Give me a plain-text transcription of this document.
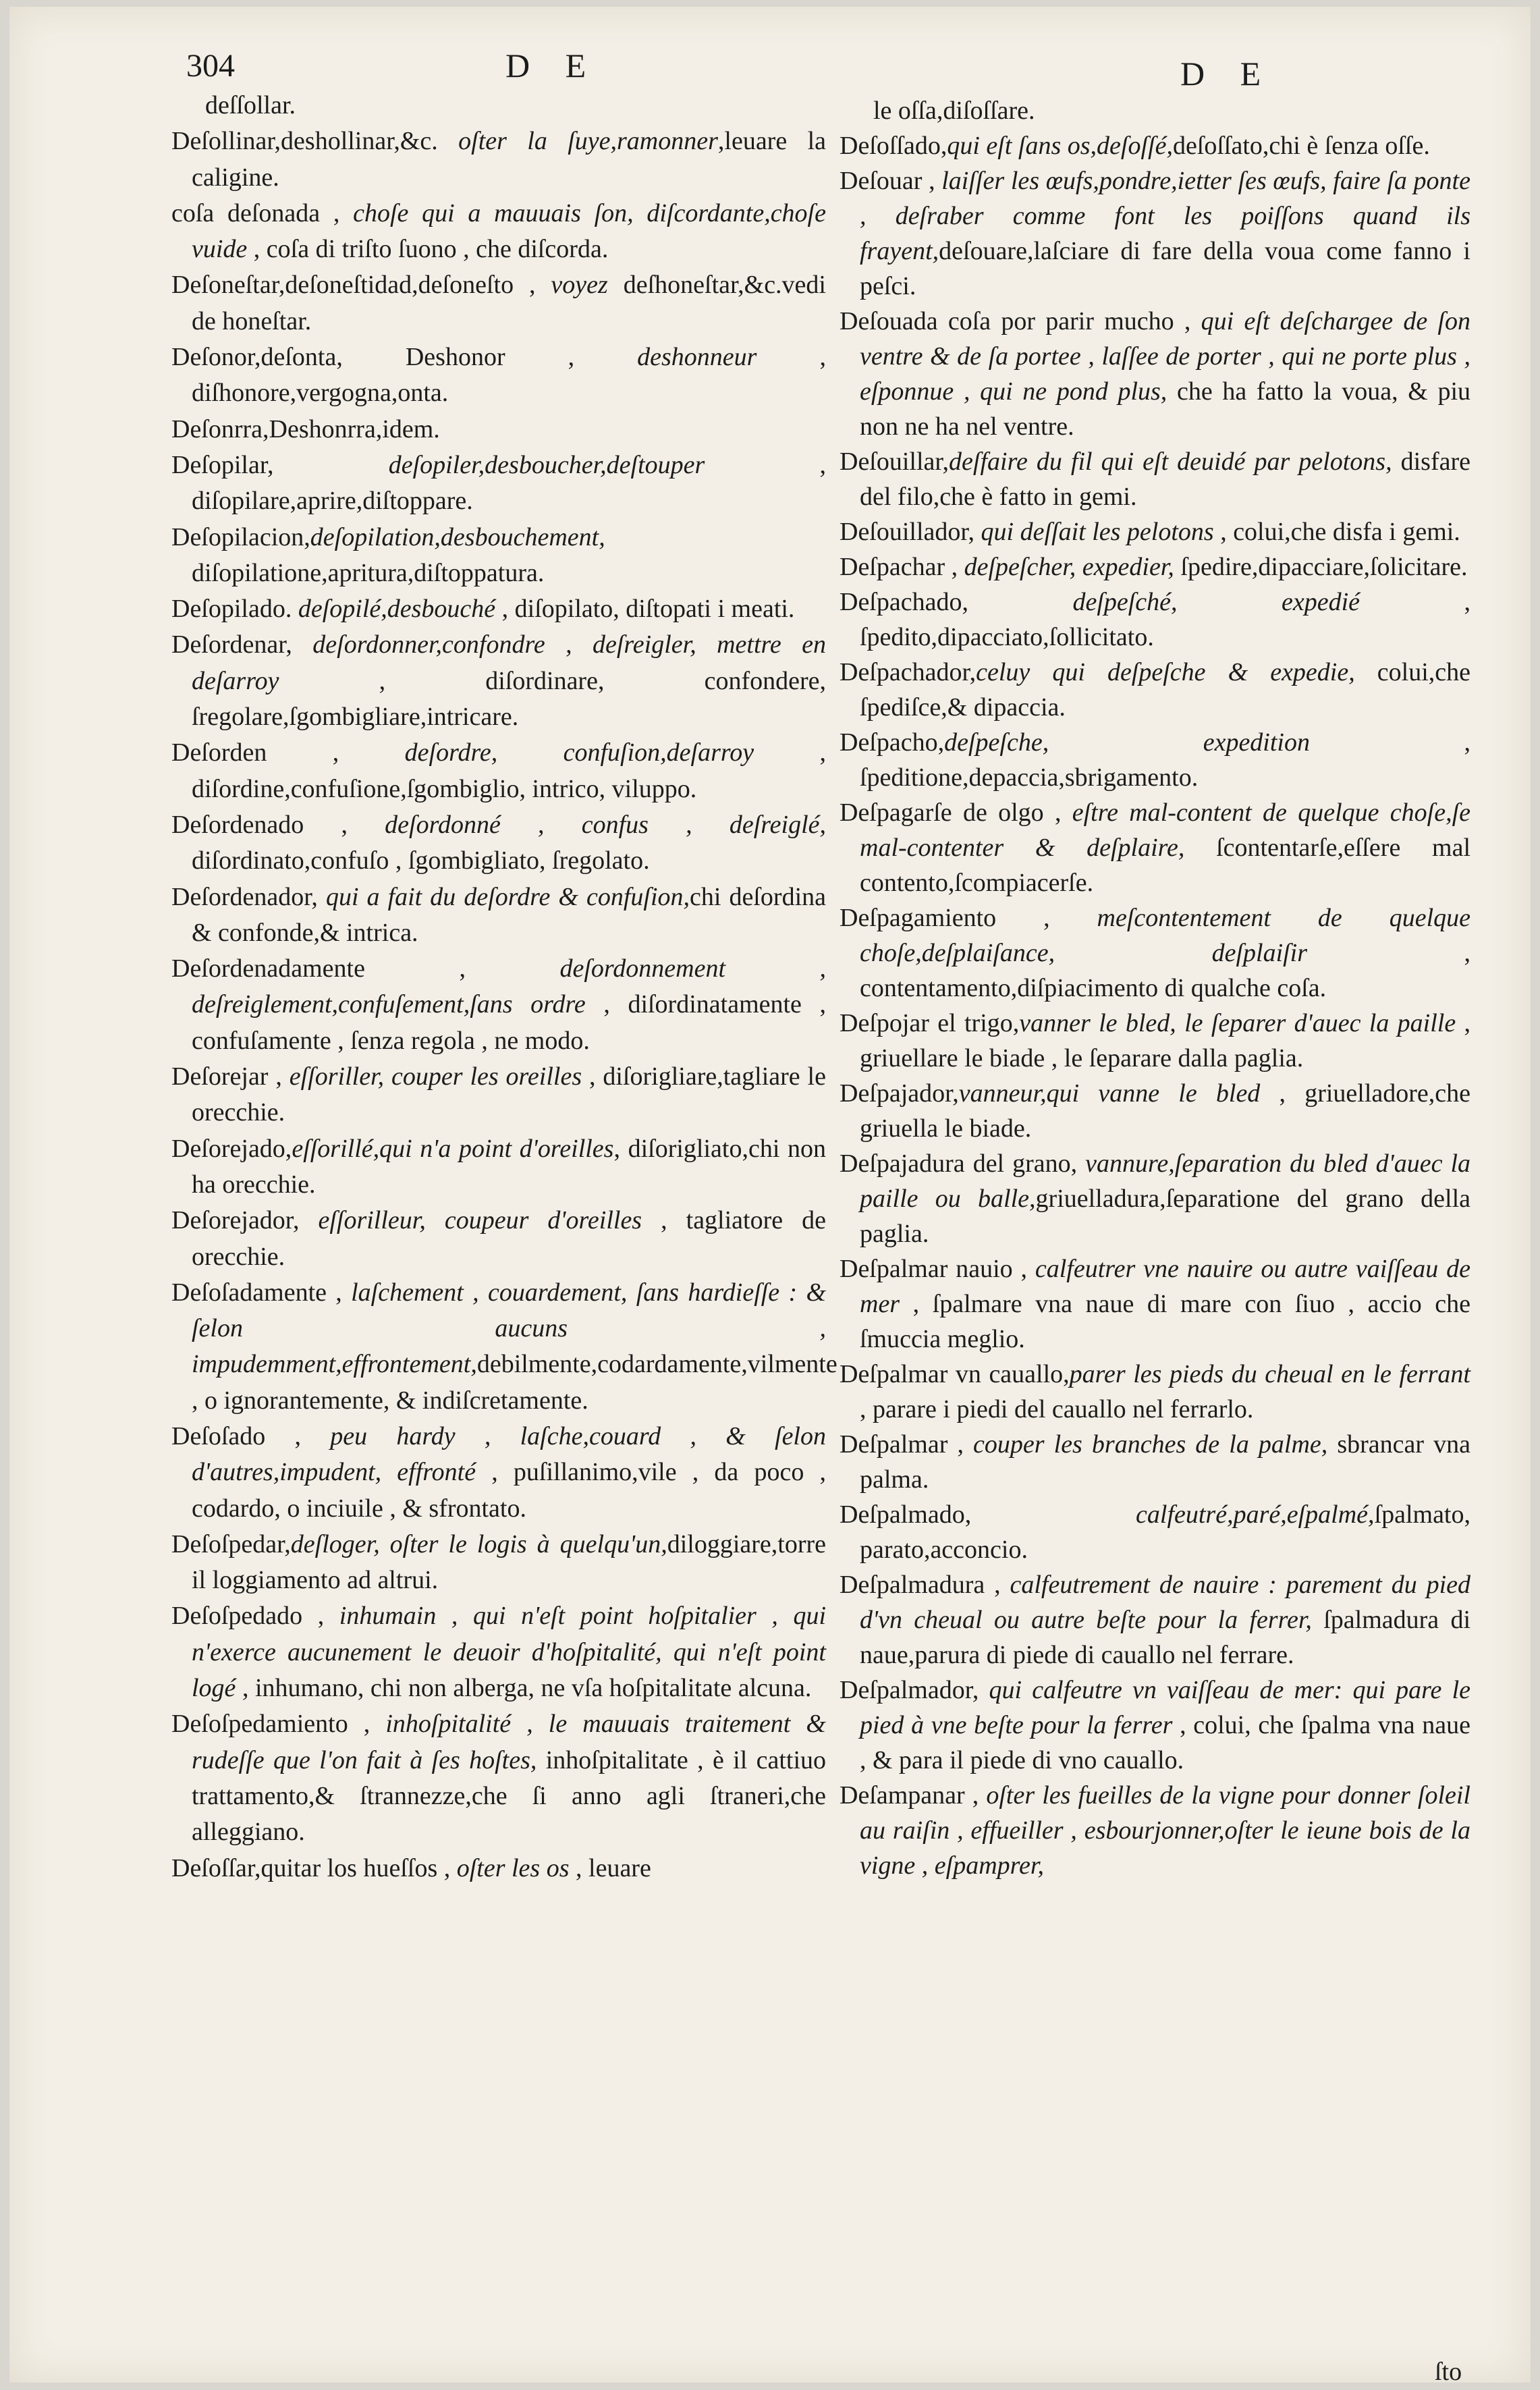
304	D E	D E
deſſollar.
Deſollinar,deshollinar,&c. oſter la ſuye,ramonner,leuare la caligine.
coſa deſonada , choſe qui a mauuais ſon, diſcordante,choſe vuide , coſa di triſto ſuono , che diſcorda.
Deſoneſtar,deſoneſtidad,deſoneſto , voyez deſhoneſtar,&c.vedi de honeſtar.
Deſonor,deſonta, Deshonor , deshonneur , diſhonore,vergogna,onta.
Deſonrra,Deshonrra,idem.
Deſopilar, deſopiler,desboucher,deſtouper , diſopilare,aprire,diſtoppare.
Deſopilacion,deſopilation,desbouchement, diſopilatione,apritura,diſtoppatura.
Deſopilado. deſopilé,desbouché , diſopilato, diſtopati i meati.
Deſordenar, deſordonner,confondre , deſreigler, mettre en deſarroy , diſordinare, confondere, ſregolare,ſgombigliare,intricare.
Deſorden , deſordre, confuſion,deſarroy , diſordine,confuſione,ſgombiglio, intrico, viluppo.
Deſordenado , deſordonné , confus , deſreiglé, diſordinato,confuſo , ſgombigliato, ſregolato.
Deſordenador, qui a fait du deſordre & confuſion,chi deſordina & confonde,& intrica.
Deſordenadamente , deſordonnement , deſreiglement,confuſement,ſans ordre , diſordinatamente , confuſamente , ſenza regola , ne modo.
Deſorejar , eſſoriller, couper les oreilles , diſorigliare,tagliare le orecchie.
Deſorejado,eſſorillé,qui n'a point d'oreilles, diſorigliato,chi non ha orecchie.
Deſorejador, eſſorilleur, coupeur d'oreilles , tagliatore de orecchie.
Deſoſadamente , laſchement , couardement, ſans hardieſſe : & ſelon aucuns , impudemment,effrontement,debilmente,codardamente,vilmente , o ignorantemente, & indiſcretamente.
Deſoſado , peu hardy , laſche,couard , & ſelon d'autres,impudent, effronté , puſillanimo,vile , da poco , codardo, o inciuile , & sfrontato.
Deſoſpedar,deſloger, oſter le logis à quelqu'un,diloggiare,torre il loggiamento ad altrui.
Deſoſpedado , inhumain , qui n'eſt point hoſpitalier , qui n'exerce aucunement le deuoir d'hoſpitalité, qui n'eſt point logé , inhumano, chi non alberga, ne vſa hoſpitalitate alcuna.
Deſoſpedamiento , inhoſpitalité , le mauuais traitement & rudeſſe que l'on fait à ſes hoſtes, inhoſpitalitate , è il cattiuo trattamento,& ſtrannezze,che ſi anno agli ſtraneri,che alleggiano.
Deſoſſar,quitar los hueſſos , oſter les os , leuare
le oſſa,diſoſſare.
Deſoſſado,qui eſt ſans os,deſoſſé,deſoſſato,chi è ſenza oſſe.
Deſouar , laiſſer les œufs,pondre,ietter ſes œufs, faire ſa ponte , deſraber comme font les poiſſons quand ils frayent,deſouare,laſciare di fare della voua come fanno i peſci.
Deſouada coſa por parir mucho , qui eſt deſchargee de ſon ventre & de ſa portee , laſſee de porter , qui ne porte plus , eſponnue , qui ne pond plus, che ha fatto la voua, & piu non ne ha nel ventre.
Deſouillar,deſfaire du fil qui eſt deuidé par pelotons, disfare del filo,che è fatto in gemi.
Deſouillador, qui deſſait les pelotons , colui,che disfa i gemi.
Deſpachar , deſpeſcher, expedier, ſpedire,dipacciare,ſolicitare.
Deſpachado, deſpeſché, expedié , ſpedito,dipacciato,ſollicitato.
Deſpachador,celuy qui deſpeſche & expedie, colui,che ſpediſce,& dipaccia.
Deſpacho,deſpeſche, expedition , ſpeditione,depaccia,sbrigamento.
Deſpagarſe de olgo , eſtre mal-content de quelque choſe,ſe mal-contenter & deſplaire, ſcontentarſe,eſſere mal contento,ſcompiacerſe.
Deſpagamiento , meſcontentement de quelque choſe,deſplaiſance, deſplaiſir , contentamento,diſpiacimento di qualche coſa.
Deſpojar el trigo,vanner le bled, le ſeparer d'auec la paille , griuellare le biade , le ſeparare dalla paglia.
Deſpajador,vanneur,qui vanne le bled , griuelladore,che griuella le biade.
Deſpajadura del grano, vannure,ſeparation du bled d'auec la paille ou balle,griuelladura,ſeparatione del grano della paglia.
Deſpalmar nauio , calfeutrer vne nauire ou autre vaiſſeau de mer , ſpalmare vna naue di mare con ſiuo , accio che ſmuccia meglio.
Deſpalmar vn cauallo,parer les pieds du cheual en le ferrant , parare i piedi del cauallo nel ferrarlo.
Deſpalmar , couper les branches de la palme, sbrancar vna palma.
Deſpalmado, calfeutré,paré,eſpalmé,ſpalmato, parato,acconcio.
Deſpalmadura , calfeutrement de nauire : parement du pied d'vn cheual ou autre beſte pour la ferrer, ſpalmadura di naue,parura di piede di cauallo nel ferrare.
Deſpalmador, qui calfeutre vn vaiſſeau de mer: qui pare le pied à vne beſte pour la ferrer , colui, che ſpalma vna naue , & para il piede di vno cauallo.
Deſampanar , oſter les fueilles de la vigne pour donner ſoleil au raiſin , effueiller , esbourjonner,oſter le ieune bois de la vigne , eſpamprer,
ſto
